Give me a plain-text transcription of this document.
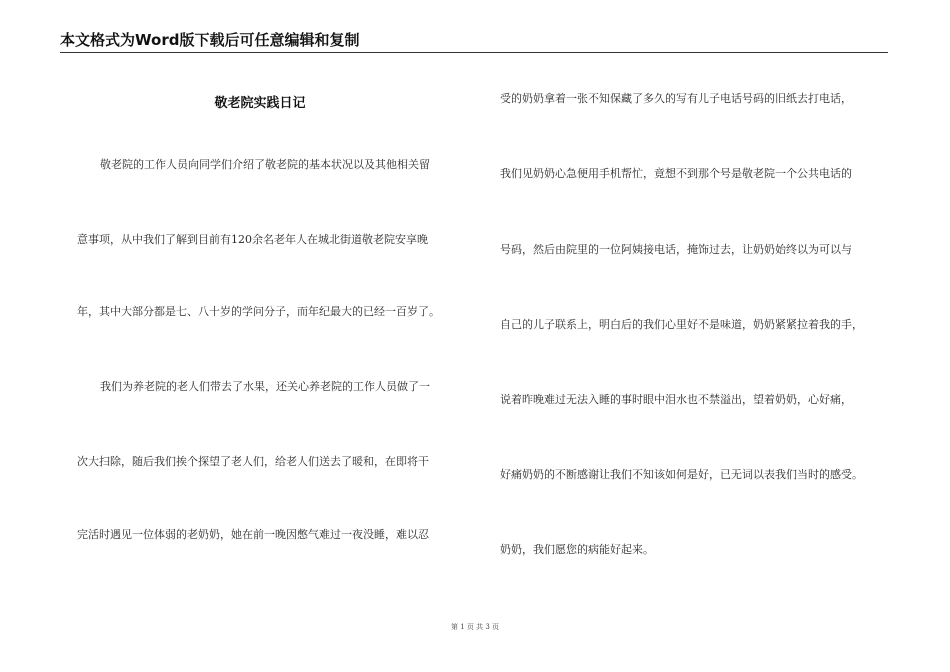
本文格式为Word版下载后可任意编辑和复制
敬老院实践日记
敬老院的工作人员向同学们介绍了敬老院的基本状况以及其他相关留
意事项，从中我们了解到目前有120余名老年人在城北街道敬老院安享晚
年，其中大部分都是七、八十岁的学问分子，而年纪最大的已经一百岁了。
我们为养老院的老人们带去了水果，还关心养老院的工作人员做了一
次大扫除，随后我们挨个探望了老人们，给老人们送去了暖和，在即将干
完活时遇见一位体弱的老奶奶，她在前一晚因憋气难过一夜没睡，难以忍
受的奶奶拿着一张不知保藏了多久的写有儿子电话号码的旧纸去打电话，
我们见奶奶心急便用手机帮忙，竟想不到那个号是敬老院一个公共电话的
号码，然后由院里的一位阿姨接电话，掩饰过去，让奶奶始终以为可以与
自己的儿子联系上，明白后的我们心里好不是味道，奶奶紧紧拉着我的手，
说着昨晚难过无法入睡的事时眼中泪水也不禁溢出，望着奶奶，心好痛，
好痛奶奶的不断感谢让我们不知该如何是好，已无词以表我们当时的感受。
奶奶，我们愿您的病能好起来。
第 1 页 共 3 页
